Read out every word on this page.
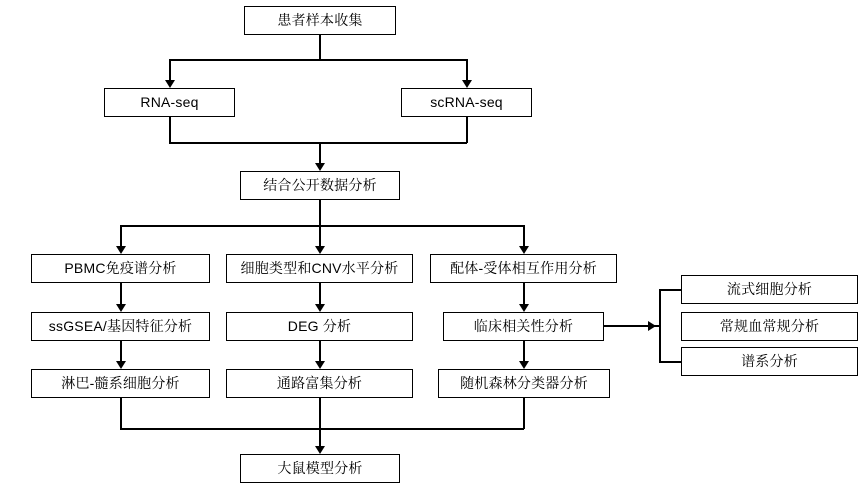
患者样本收集
RNA-seq	scRNA-seq
结合公开数据分析
PBMC免疫谱分析	细胞类型和CNV水平分析	配体-受体相互作用分析
ssGSEA/基因特征分析	DEG 分析	临床相关性分析
淋巴-髓系细胞分析	通路富集分析	随机森林分类器分析
流式细胞分析
常规血常规分析
谱系分析
大鼠模型分析
